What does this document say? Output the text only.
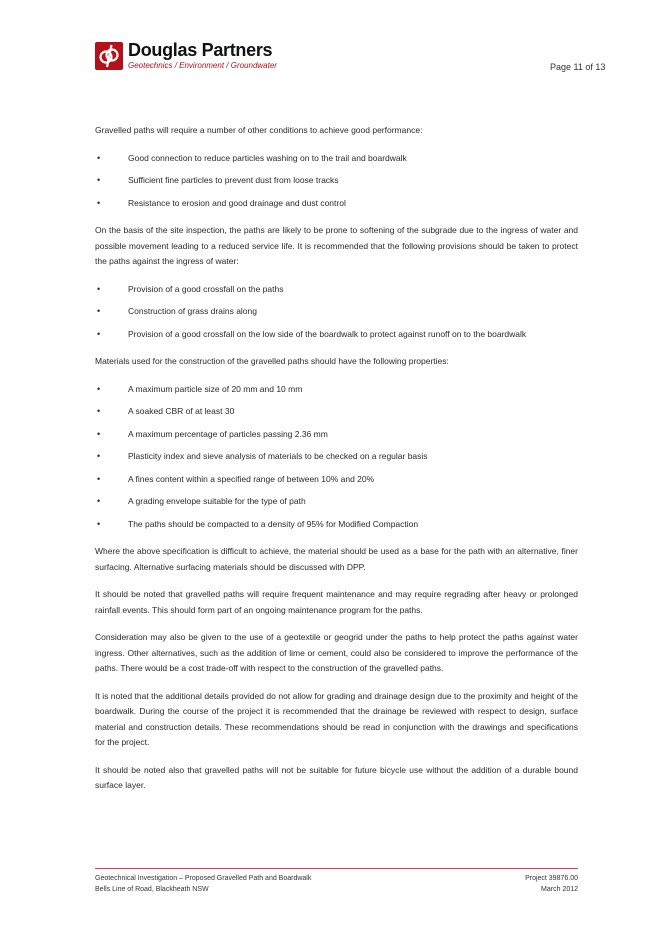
Douglas Partners
Geotechnics / Environment / Groundwater	Page 11 of 13

Gravelled paths will require a number of other conditions to achieve good performance:

•	Good connection to reduce particles washing on to the trail and boardwalk
•	Sufficient fine particles to prevent dust from loose tracks
•	Resistance to erosion and good drainage and dust control

On the basis of the site inspection, the paths are likely to be prone to softening of the subgrade due to the ingress of water and possible movement leading to a reduced service life. It is recommended that the following provisions should be taken to protect the paths against the ingress of water:

•	Provision of a good crossfall on the paths
•	Construction of grass drains along
•	Provision of a good crossfall on the low side of the boardwalk to protect against runoff on to the boardwalk

Materials used for the construction of the gravelled paths should have the following properties:

•	A maximum particle size of 20 mm and 10 mm
•	A soaked CBR of at least 30
•	A maximum percentage of particles passing 2.36 mm
•	Plasticity index and sieve analysis of materials to be checked on a regular basis
•	A fines content within a specified range of between 10% and 20%
•	A grading envelope suitable for the type of path
•	The paths should be compacted to a density of 95% for Modified Compaction

Where the above specification is difficult to achieve, the material should be used as a base for the path with an alternative, finer surfacing. Alternative surfacing materials should be discussed with DPP.

It should be noted that gravelled paths will require frequent maintenance and may require regrading after heavy or prolonged rainfall events. This should form part of an ongoing maintenance program for the paths.

Consideration may also be given to the use of a geotextile or geogrid under the paths to help protect the paths against water ingress. Other alternatives, such as the addition of lime or cement, could also be considered to improve the performance of the paths. There would be a cost trade-off with respect to the construction of the gravelled paths.

It is noted that the additional details provided do not allow for grading and drainage design due to the proximity and height of the boardwalk. During the course of the project it is recommended that the drainage be reviewed with respect to design, surface material and construction details. These recommendations should be read in conjunction with the drawings and specifications for the project.

It should be noted also that gravelled paths will not be suitable for future bicycle use without the addition of a durable bound surface layer.

Geotechnical Investigation – Proposed Gravelled Path and Boardwalk
Bells Line of Road, Blackheath NSW
Project 39876.00
March 2012
